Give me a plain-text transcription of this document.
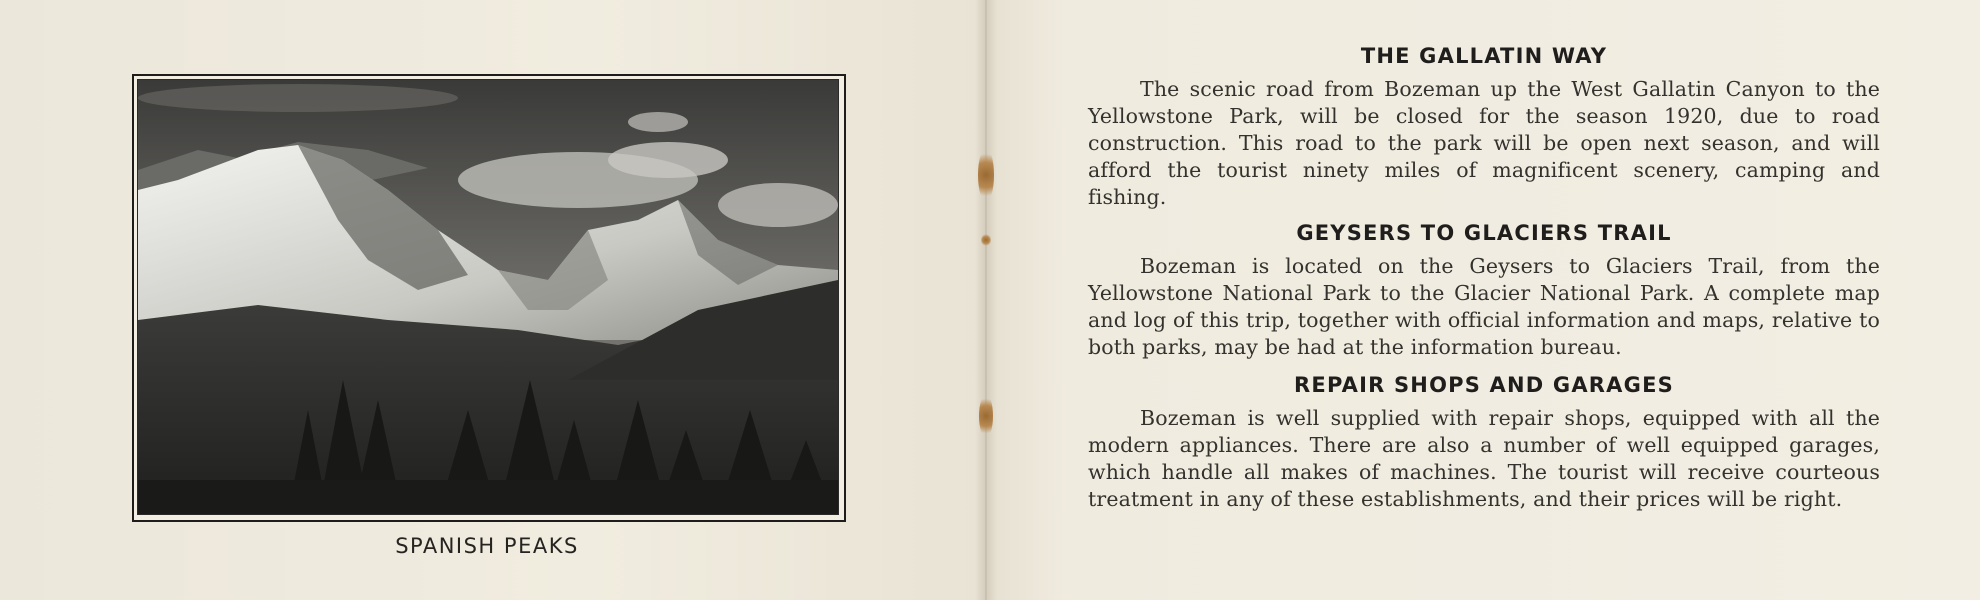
SPANISH PEAKS
THE GALLATIN WAY

The scenic road from Bozeman up the West Gallatin Canyon to the Yellowstone Park, will be closed for the season 1920, due to road construction. This road to the park will be open next season, and will afford the tourist ninety miles of magnificent scenery, camping and fishing.

GEYSERS TO GLACIERS TRAIL

Bozeman is located on the Geysers to Glaciers Trail, from the Yellowstone National Park to the Glacier National Park. A complete map and log of this trip, together with official information and maps, relative to both parks, may be had at the information bureau.

REPAIR SHOPS AND GARAGES

Bozeman is well supplied with repair shops, equipped with all the modern appliances. There are also a number of well equipped garages, which handle all makes of machines. The tourist will receive courteous treatment in any of these establishments, and their prices will be right.
